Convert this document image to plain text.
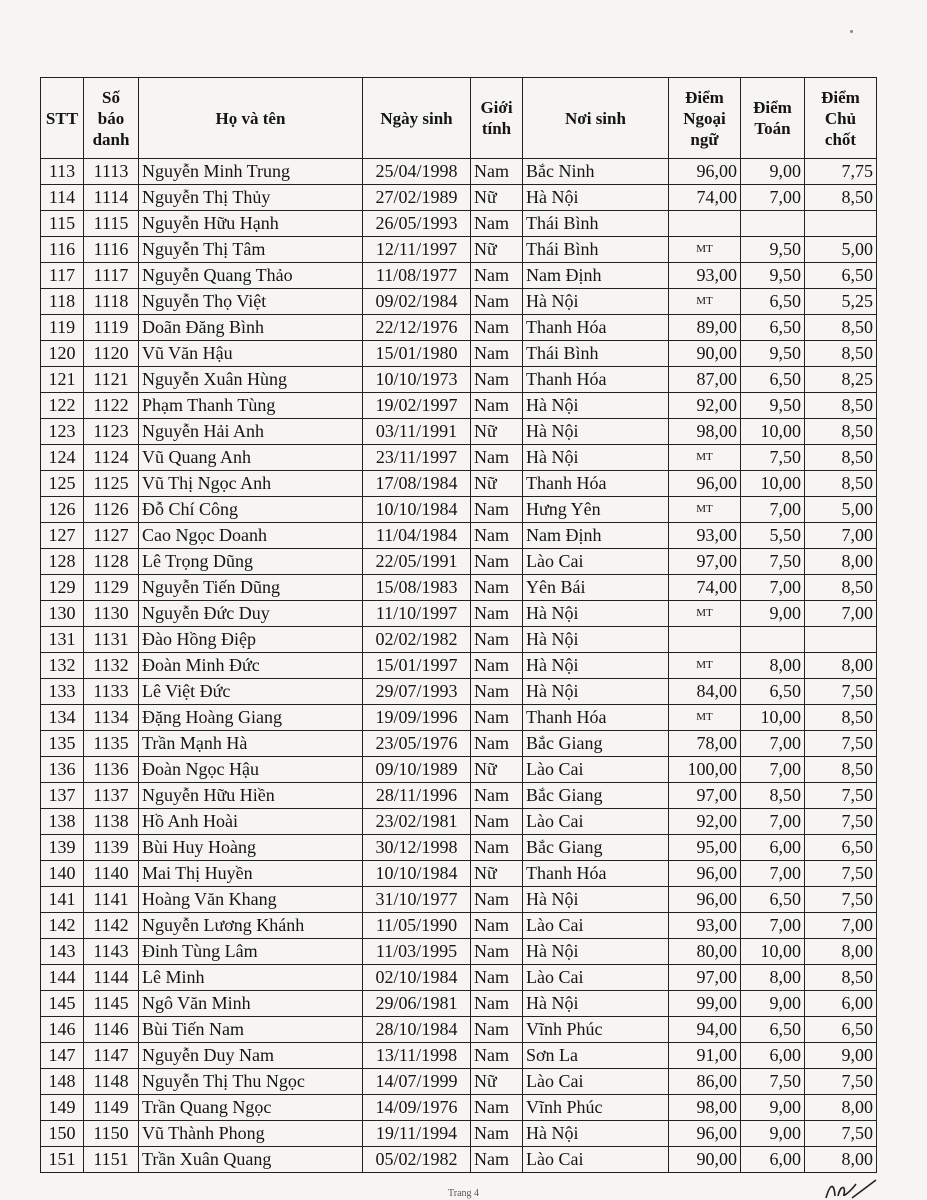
STT	Số báo danh	Họ và tên	Ngày sinh	Giới tính	Nơi sinh	Điểm Ngoại ngữ	Điểm Toán	Điểm Chủ chốt
113	1113	Nguyễn Minh Trung	25/04/1998	Nam	Bắc Ninh	96,00	9,00	7,75
114	1114	Nguyễn Thị Thủy	27/02/1989	Nữ	Hà Nội	74,00	7,00	8,50
115	1115	Nguyễn Hữu Hạnh	26/05/1993	Nam	Thái Bình			
116	1116	Nguyễn Thị Tâm	12/11/1997	Nữ	Thái Bình	MT	9,50	5,00
117	1117	Nguyễn Quang Thảo	11/08/1977	Nam	Nam Định	93,00	9,50	6,50
118	1118	Nguyễn Thọ Việt	09/02/1984	Nam	Hà Nội	MT	6,50	5,25
119	1119	Doãn Đăng Bình	22/12/1976	Nam	Thanh Hóa	89,00	6,50	8,50
120	1120	Vũ Văn Hậu	15/01/1980	Nam	Thái Bình	90,00	9,50	8,50
121	1121	Nguyễn Xuân Hùng	10/10/1973	Nam	Thanh Hóa	87,00	6,50	8,25
122	1122	Phạm Thanh Tùng	19/02/1997	Nam	Hà Nội	92,00	9,50	8,50
123	1123	Nguyễn Hải Anh	03/11/1991	Nữ	Hà Nội	98,00	10,00	8,50
124	1124	Vũ Quang Anh	23/11/1997	Nam	Hà Nội	MT	7,50	8,50
125	1125	Vũ Thị Ngọc Anh	17/08/1984	Nữ	Thanh Hóa	96,00	10,00	8,50
126	1126	Đỗ Chí Công	10/10/1984	Nam	Hưng Yên	MT	7,00	5,00
127	1127	Cao Ngọc Doanh	11/04/1984	Nam	Nam Định	93,00	5,50	7,00
128	1128	Lê Trọng Dũng	22/05/1991	Nam	Lào Cai	97,00	7,50	8,00
129	1129	Nguyễn Tiến Dũng	15/08/1983	Nam	Yên Bái	74,00	7,00	8,50
130	1130	Nguyễn Đức Duy	11/10/1997	Nam	Hà Nội	MT	9,00	7,00
131	1131	Đào Hồng Điệp	02/02/1982	Nam	Hà Nội			
132	1132	Đoàn Minh Đức	15/01/1997	Nam	Hà Nội	MT	8,00	8,00
133	1133	Lê Việt Đức	29/07/1993	Nam	Hà Nội	84,00	6,50	7,50
134	1134	Đặng Hoàng Giang	19/09/1996	Nam	Thanh Hóa	MT	10,00	8,50
135	1135	Trần Mạnh Hà	23/05/1976	Nam	Bắc Giang	78,00	7,00	7,50
136	1136	Đoàn Ngọc Hậu	09/10/1989	Nữ	Lào Cai	100,00	7,00	8,50
137	1137	Nguyễn Hữu Hiền	28/11/1996	Nam	Bắc Giang	97,00	8,50	7,50
138	1138	Hồ Anh Hoài	23/02/1981	Nam	Lào Cai	92,00	7,00	7,50
139	1139	Bùi Huy Hoàng	30/12/1998	Nam	Bắc Giang	95,00	6,00	6,50
140	1140	Mai Thị Huyền	10/10/1984	Nữ	Thanh Hóa	96,00	7,00	7,50
141	1141	Hoàng Văn Khang	31/10/1977	Nam	Hà Nội	96,00	6,50	7,50
142	1142	Nguyễn Lương Khánh	11/05/1990	Nam	Lào Cai	93,00	7,00	7,00
143	1143	Đinh Tùng Lâm	11/03/1995	Nam	Hà Nội	80,00	10,00	8,00
144	1144	Lê Minh	02/10/1984	Nam	Lào Cai	97,00	8,00	8,50
145	1145	Ngô Văn Minh	29/06/1981	Nam	Hà Nội	99,00	9,00	6,00
146	1146	Bùi Tiến Nam	28/10/1984	Nam	Vĩnh Phúc	94,00	6,50	6,50
147	1147	Nguyễn Duy Nam	13/11/1998	Nam	Sơn La	91,00	6,00	9,00
148	1148	Nguyễn Thị Thu Ngọc	14/07/1999	Nữ	Lào Cai	86,00	7,50	7,50
149	1149	Trần Quang Ngọc	14/09/1976	Nam	Vĩnh Phúc	98,00	9,00	8,00
150	1150	Vũ Thành Phong	19/11/1994	Nam	Hà Nội	96,00	9,00	7,50
151	1151	Trần Xuân Quang	05/02/1982	Nam	Lào Cai	90,00	6,00	8,00
Trang 4
